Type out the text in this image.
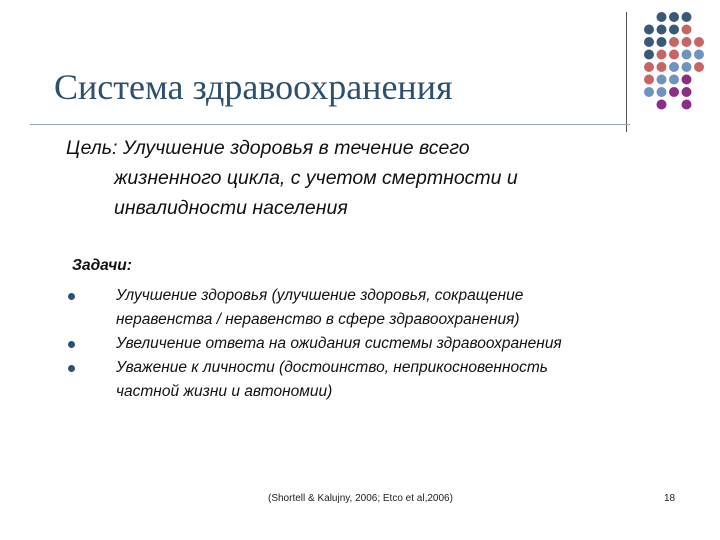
Система здравоохранения
Цель: Улучшение здоровья в течение всего
жизненного цикла, с учетом смертности и
инвалидности населения
Задачи:
Улучшение здоровья (улучшение здоровья, сокращение
неравенства / неравенство в сфере здравоохранения)
Увеличение ответа на ожидания системы здравоохранения
Уважение к личности (достоинство, неприкосновенность
частной жизни и автономии)
(Shortell & Kalujny, 2006; Etco et al,2006)	18
